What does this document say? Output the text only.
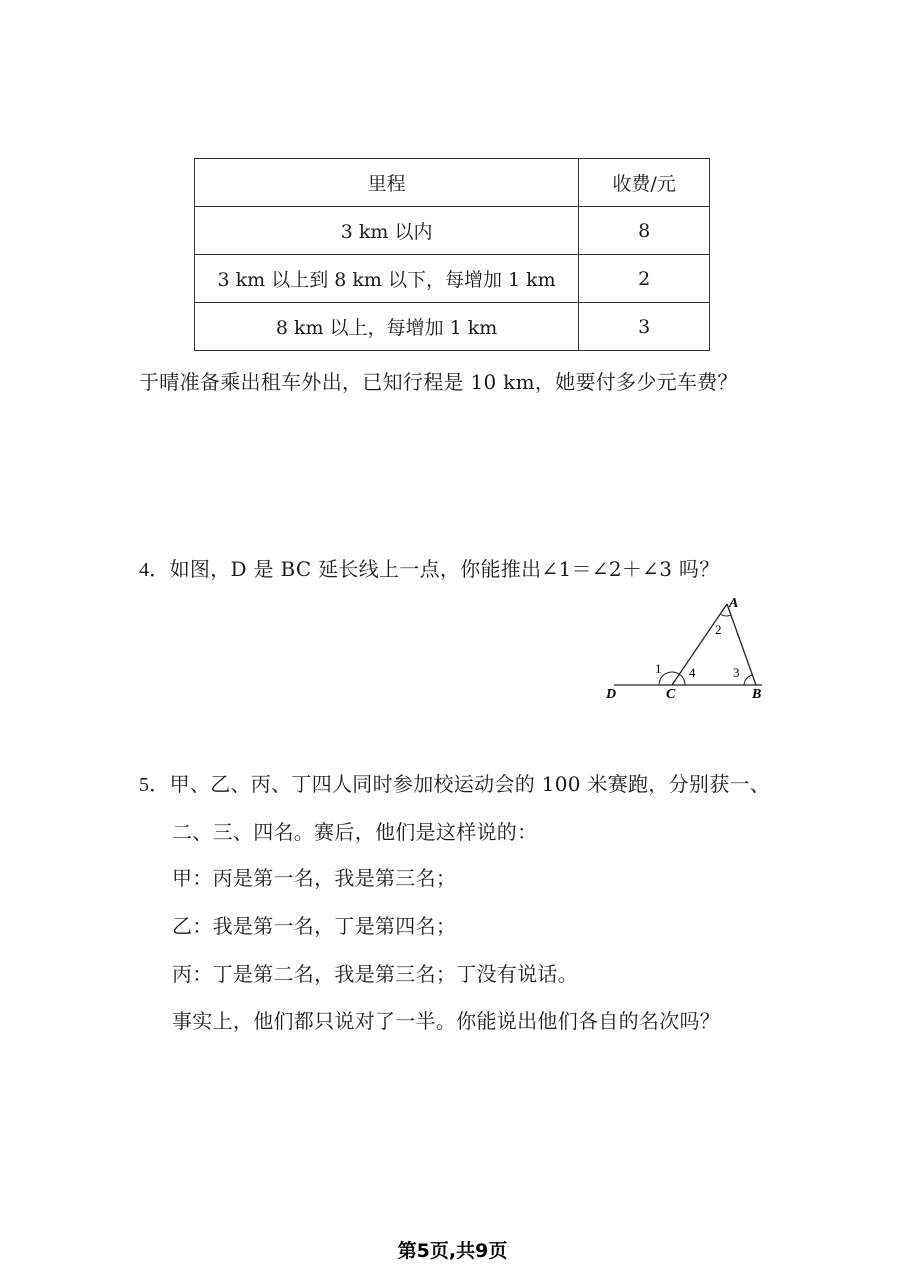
里程	收费/元
3 km 以内	8
3 km 以上到 8 km 以下，每增加 1 km	2
8 km 以上，每增加 1 km	3
于晴准备乘出租车外出，已知行程是 10 km，她要付多少元车费？
4．如图，D 是 BC 延长线上一点，你能推出∠1＝∠2＋∠3 吗？
A
B
C
D
1
2
3
4
5．甲、乙、丙、丁四人同时参加校运动会的 100 米赛跑，分别获一、
二、三、四名。赛后，他们是这样说的：
甲：丙是第一名，我是第三名；
乙：我是第一名，丁是第四名；
丙：丁是第二名，我是第三名；丁没有说话。
事实上，他们都只说对了一半。你能说出他们各自的名次吗？
第5页,共9页
